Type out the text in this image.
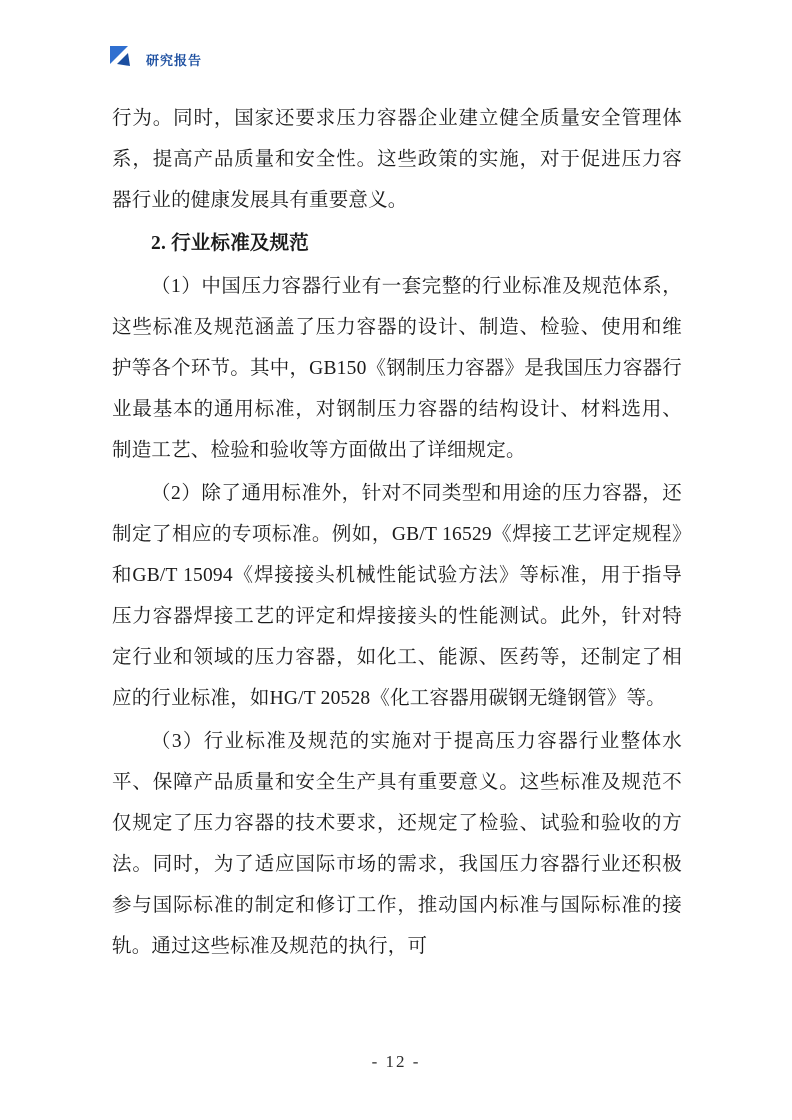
研究报告

行为。同时，国家还要求压力容器企业建立健全质量安全管理体系，提高产品质量和安全性。这些政策的实施，对于促进压力容器行业的健康发展具有重要意义。

2. 行业标准及规范

（1）中国压力容器行业有一套完整的行业标准及规范体系，这些标准及规范涵盖了压力容器的设计、制造、检验、使用和维护等各个环节。其中，GB150《钢制压力容器》是我国压力容器行业最基本的通用标准，对钢制压力容器的结构设计、材料选用、制造工艺、检验和验收等方面做出了详细规定。

（2）除了通用标准外，针对不同类型和用途的压力容器，还制定了相应的专项标准。例如，GB/T 16529《焊接工艺评定规程》和GB/T 15094《焊接接头机械性能试验方法》等标准，用于指导压力容器焊接工艺的评定和焊接接头的性能测试。此外，针对特定行业和领域的压力容器，如化工、能源、医药等，还制定了相应的行业标准，如HG/T 20528《化工容器用碳钢无缝钢管》等。

（3）行业标准及规范的实施对于提高压力容器行业整体水平、保障产品质量和安全生产具有重要意义。这些标准及规范不仅规定了压力容器的技术要求，还规定了检验、试验和验收的方法。同时，为了适应国际市场的需求，我国压力容器行业还积极参与国际标准的制定和修订工作，推动国内标准与国际标准的接轨。通过这些标准及规范的执行，可

- 12 -
